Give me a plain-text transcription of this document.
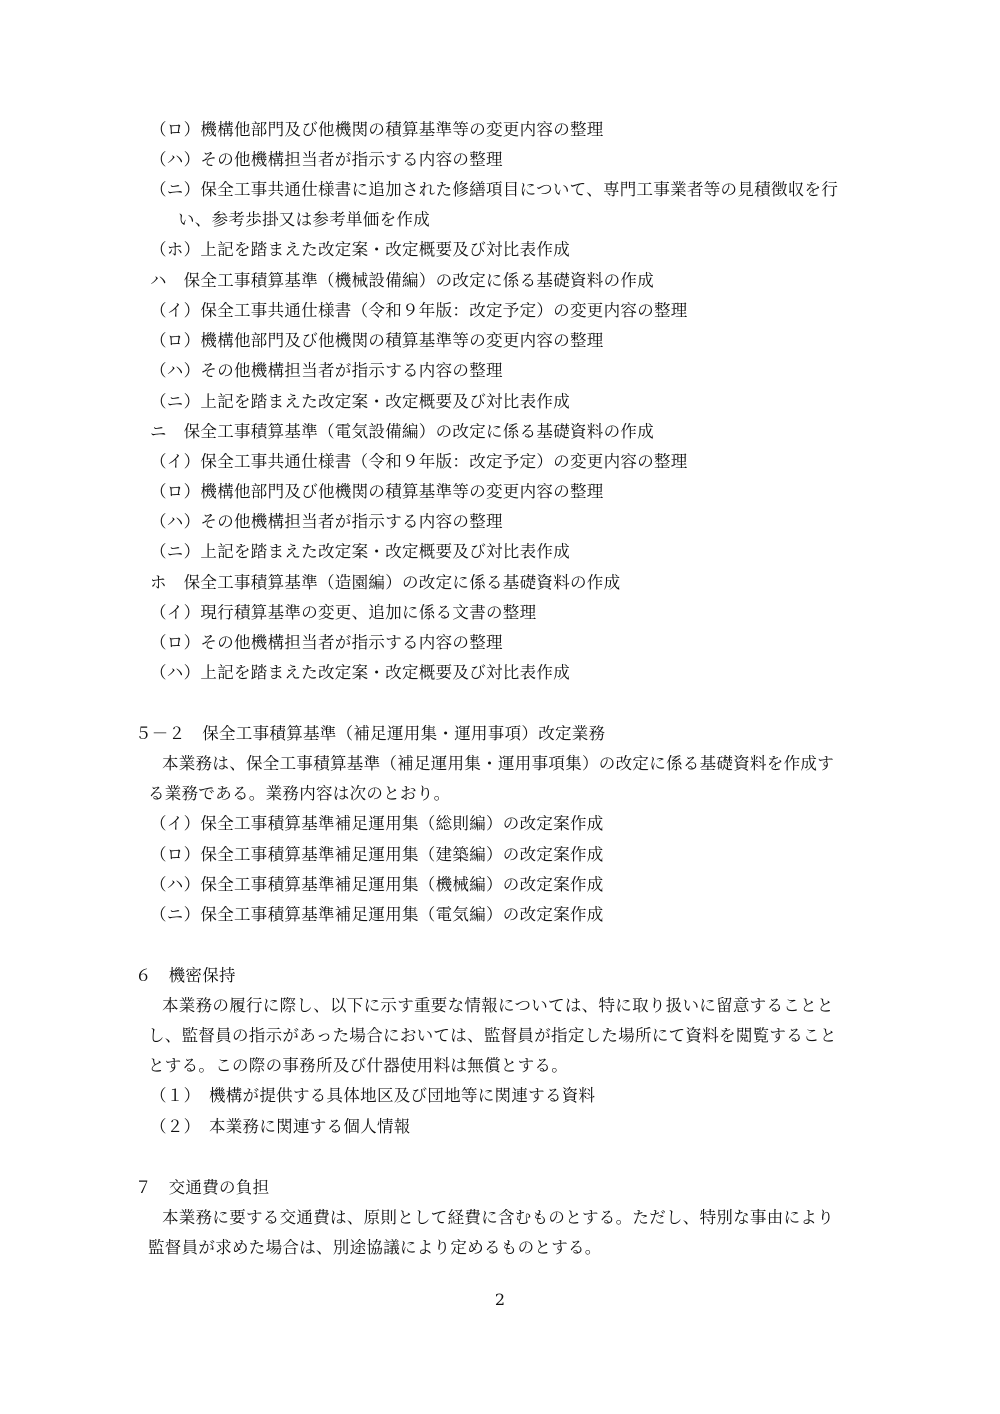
（ロ）機構他部門及び他機関の積算基準等の変更内容の整理
（ハ）その他機構担当者が指示する内容の整理
（ニ）保全工事共通仕様書に追加された修繕項目について、専門工事業者等の見積徴収を行
い、参考歩掛又は参考単価を作成
（ホ）上記を踏まえた改定案・改定概要及び対比表作成
ハ　保全工事積算基準（機械設備編）の改定に係る基礎資料の作成
（イ）保全工事共通仕様書（令和９年版：改定予定）の変更内容の整理
（ロ）機構他部門及び他機関の積算基準等の変更内容の整理
（ハ）その他機構担当者が指示する内容の整理
（ニ）上記を踏まえた改定案・改定概要及び対比表作成
ニ　保全工事積算基準（電気設備編）の改定に係る基礎資料の作成
（イ）保全工事共通仕様書（令和９年版：改定予定）の変更内容の整理
（ロ）機構他部門及び他機関の積算基準等の変更内容の整理
（ハ）その他機構担当者が指示する内容の整理
（ニ）上記を踏まえた改定案・改定概要及び対比表作成
ホ　保全工事積算基準（造園編）の改定に係る基礎資料の作成
（イ）現行積算基準の変更、追加に係る文書の整理
（ロ）その他機構担当者が指示する内容の整理
（ハ）上記を踏まえた改定案・改定概要及び対比表作成
５－２　保全工事積算基準（補足運用集・運用事項）改定業務
本業務は、保全工事積算基準（補足運用集・運用事項集）の改定に係る基礎資料を作成す
る業務である。業務内容は次のとおり。
（イ）保全工事積算基準補足運用集（総則編）の改定案作成
（ロ）保全工事積算基準補足運用集（建築編）の改定案作成
（ハ）保全工事積算基準補足運用集（機械編）の改定案作成
（ニ）保全工事積算基準補足運用集（電気編）の改定案作成
６　機密保持
本業務の履行に際し、以下に示す重要な情報については、特に取り扱いに留意することと
し、監督員の指示があった場合においては、監督員が指定した場所にて資料を閲覧すること
とする。この際の事務所及び什器使用料は無償とする。
（１）　機構が提供する具体地区及び団地等に関連する資料
（２）　本業務に関連する個人情報
７　交通費の負担
本業務に要する交通費は、原則として経費に含むものとする。ただし、特別な事由により
監督員が求めた場合は、別途協議により定めるものとする。
2
